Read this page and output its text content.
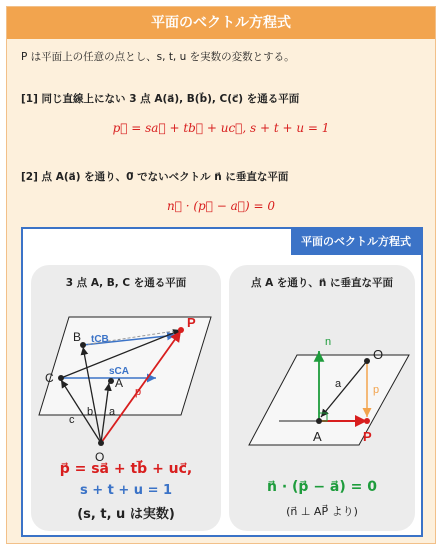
平面のベクトル方程式
P は平面上の任意の点とし、s, t, u を実数の変数とする。
[1] 同じ直線上にない 3 点 A(a⃗), B(b⃗), C(c⃗) を通る平面
p⃗ = sa⃗ + tb⃗ + uc⃗, s + t + u = 1
[2] 点 A(a⃗) を通り、0⃗ でないベクトル n⃗ に垂直な平面
n⃗ · (p⃗ − a⃗) = 0
平面のベクトル方程式
3 点 A, B, C を通る平面
B
C	A
P
O
tCB
sCA
c
b a
p
p⃗ = sa⃗ + tb⃗ + uc⃗,
s + t + u = 1
(s, t, u は実数)
点 A を通り、n⃗ に垂直な平面
n
O
a	p
A	P
n⃗ · (p⃗ − a⃗) = 0
(n⃗ ⊥ AP⃗ より)
